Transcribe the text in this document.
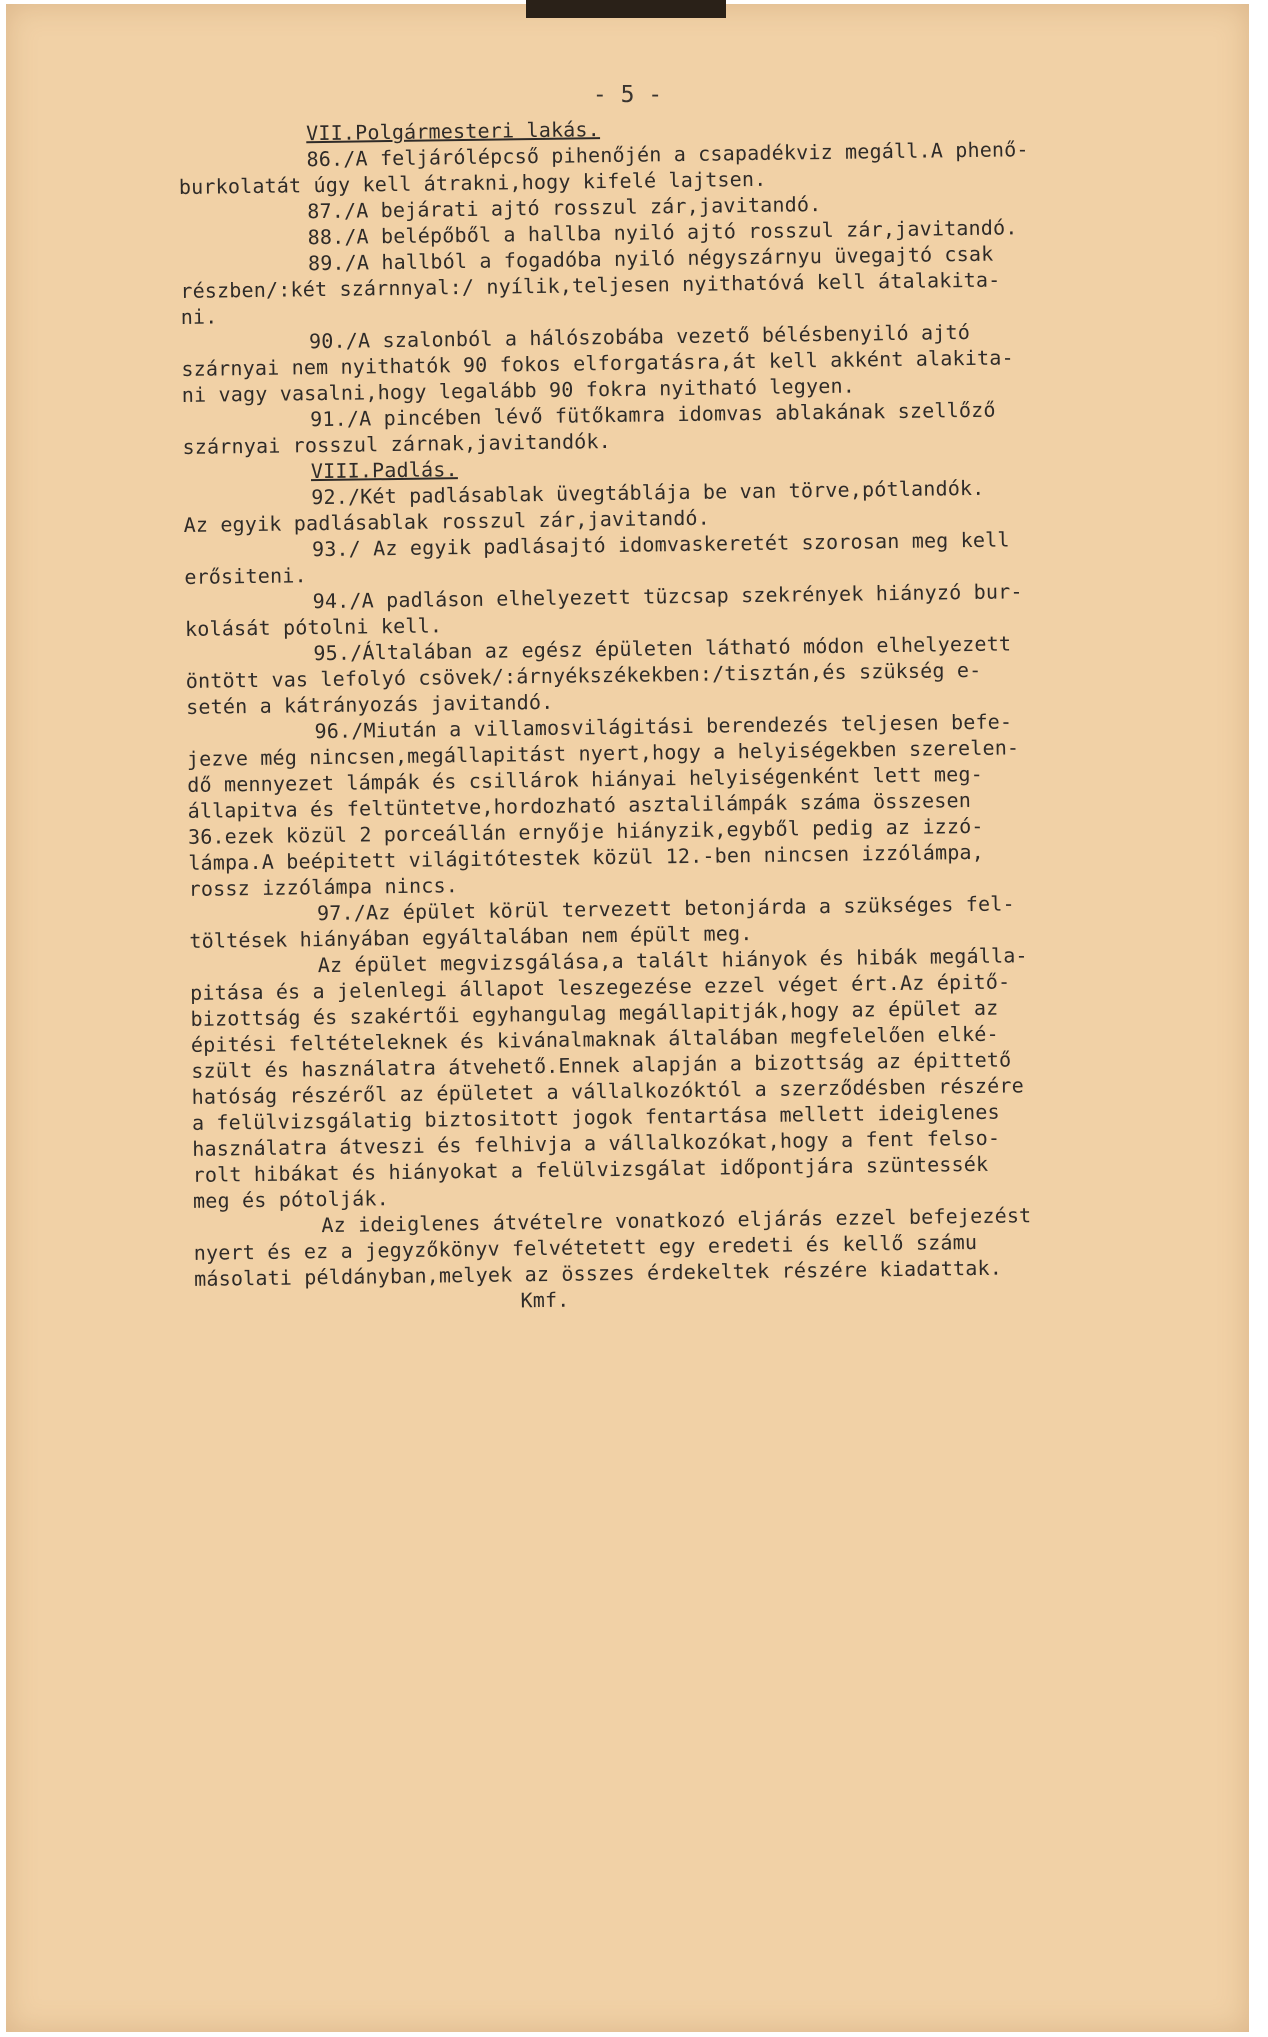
- 5 -
VII.Polgármesteri lakás.
86./A feljárólépcső pihenőjén a csapadékviz megáll.A phenő-
burkolatát úgy kell átrakni,hogy kifelé lajtsen.
87./A bejárati ajtó rosszul zár,javitandó.
88./A belépőből a hallba nyiló ajtó rosszul zár,javitandó.
89./A hallból a fogadóba nyiló négyszárnyu üvegajtó csak
részben/:két szárnnyal:/ nyílik,teljesen nyithatóvá kell átalakita-
ni.
90./A szalonból a hálószobába vezető bélésbenyiló ajtó
szárnyai nem nyithatók 90 fokos elforgatásra,át kell akként alakita-
ni vagy vasalni,hogy legalább 90 fokra nyitható legyen.
91./A pincében lévő fütőkamra idomvas ablakának szellőző
szárnyai rosszul zárnak,javitandók.
VIII.Padlás.
92./Két padlásablak üvegtáblája be van törve,pótlandók.
Az egyik padlásablak rosszul zár,javitandó.
93./ Az egyik padlásajtó idomvaskeretét szorosan meg kell
erősiteni.
94./A padláson elhelyezett tüzcsap szekrények hiányzó bur-
kolását pótolni kell.
95./Általában az egész épületen látható módon elhelyezett
öntött vas lefolyó csövek/:árnyékszékekben:/tisztán,és szükség e-
setén a kátrányozás javitandó.
96./Miután a villamosvilágitási berendezés teljesen befe-
jezve még nincsen,megállapitást nyert,hogy a helyiségekben szerelen-
dő mennyezet lámpák és csillárok hiányai helyiségenként lett meg-
állapitva és feltüntetve,hordozható asztalilámpák száma összesen
36.ezek közül 2 porceállán ernyője hiányzik,egyből pedig az izzó-
lámpa.A beépitett világitótestek közül 12.-ben nincsen izzólámpa,
rossz izzólámpa nincs.
97./Az épület körül tervezett betonjárda a szükséges fel-
töltések hiányában egyáltalában nem épült meg.
Az épület megvizsgálása,a talált hiányok és hibák megálla-
pitása és a jelenlegi állapot leszegezése ezzel véget ért.Az épitő-
bizottság és szakértői egyhangulag megállapitják,hogy az épület az
épitési feltételeknek és kivánalmaknak általában megfelelően elké-
szült és használatra átvehető.Ennek alapján a bizottság az épittető
hatóság részéről az épületet a vállalkozóktól a szerződésben részére
a felülvizsgálatig biztositott jogok fentartása mellett ideiglenes
használatra átveszi és felhivja a vállalkozókat,hogy a fent felso-
rolt hibákat és hiányokat a felülvizsgálat időpontjára szüntessék
meg és pótolják.
Az ideiglenes átvételre vonatkozó eljárás ezzel befejezést
nyert és ez a jegyzőkönyv felvétetett egy eredeti és kellő számu
másolati példányban,melyek az összes érdekeltek részére kiadattak.
Kmf.
